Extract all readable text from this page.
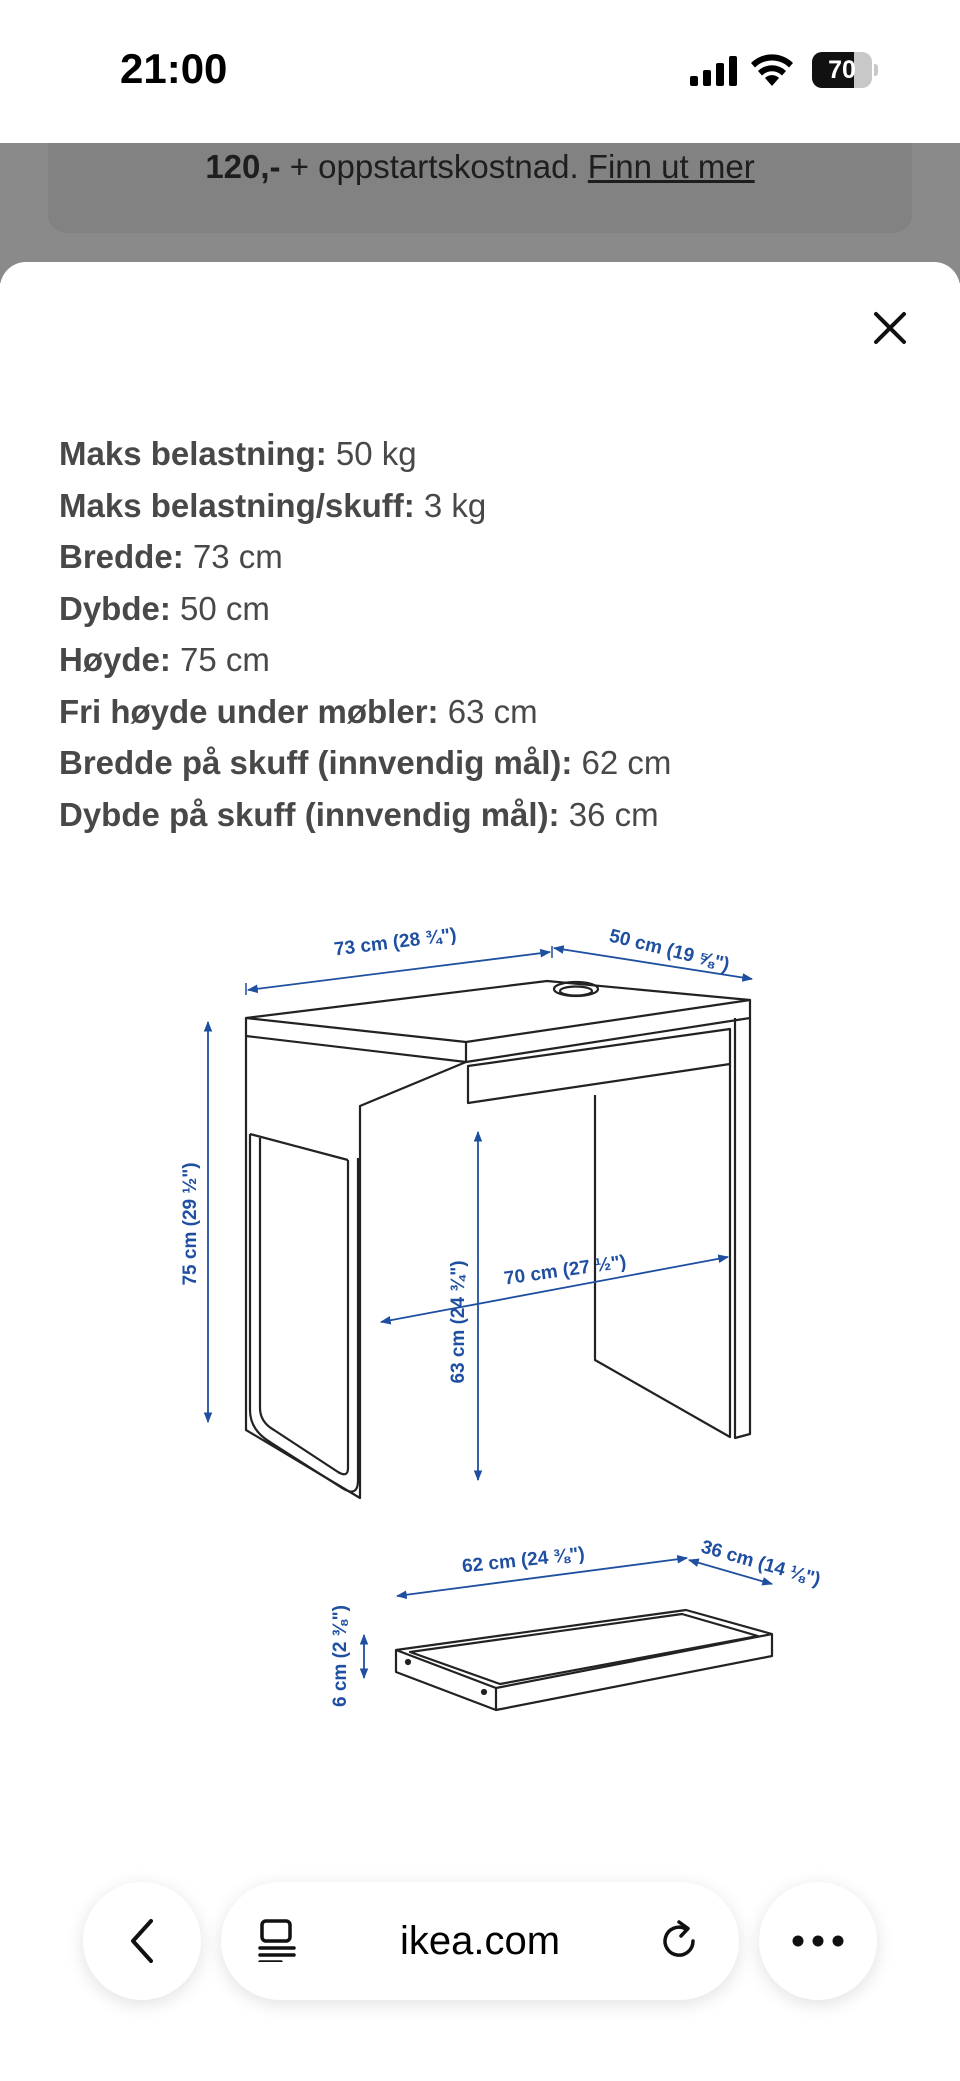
21:00	70
120,- + oppstartskostnad. Finn ut mer
Maks belastning: 50 kg
Maks belastning/skuff: 3 kg
Bredde: 73 cm
Dybde: 50 cm
Høyde: 75 cm
Fri høyde under møbler: 63 cm
Bredde på skuff (innvendig mål): 62 cm
Dybde på skuff (innvendig mål): 36 cm
73 cm (28 ¾")	50 cm (19 ⅝")
75 cm (29 ½")
63 cm (24 ¾") 70 cm (27 ½")
62 cm (24 ⅜")	36 cm (14 ⅛")
6 cm (2 ⅜")
ikea.com
